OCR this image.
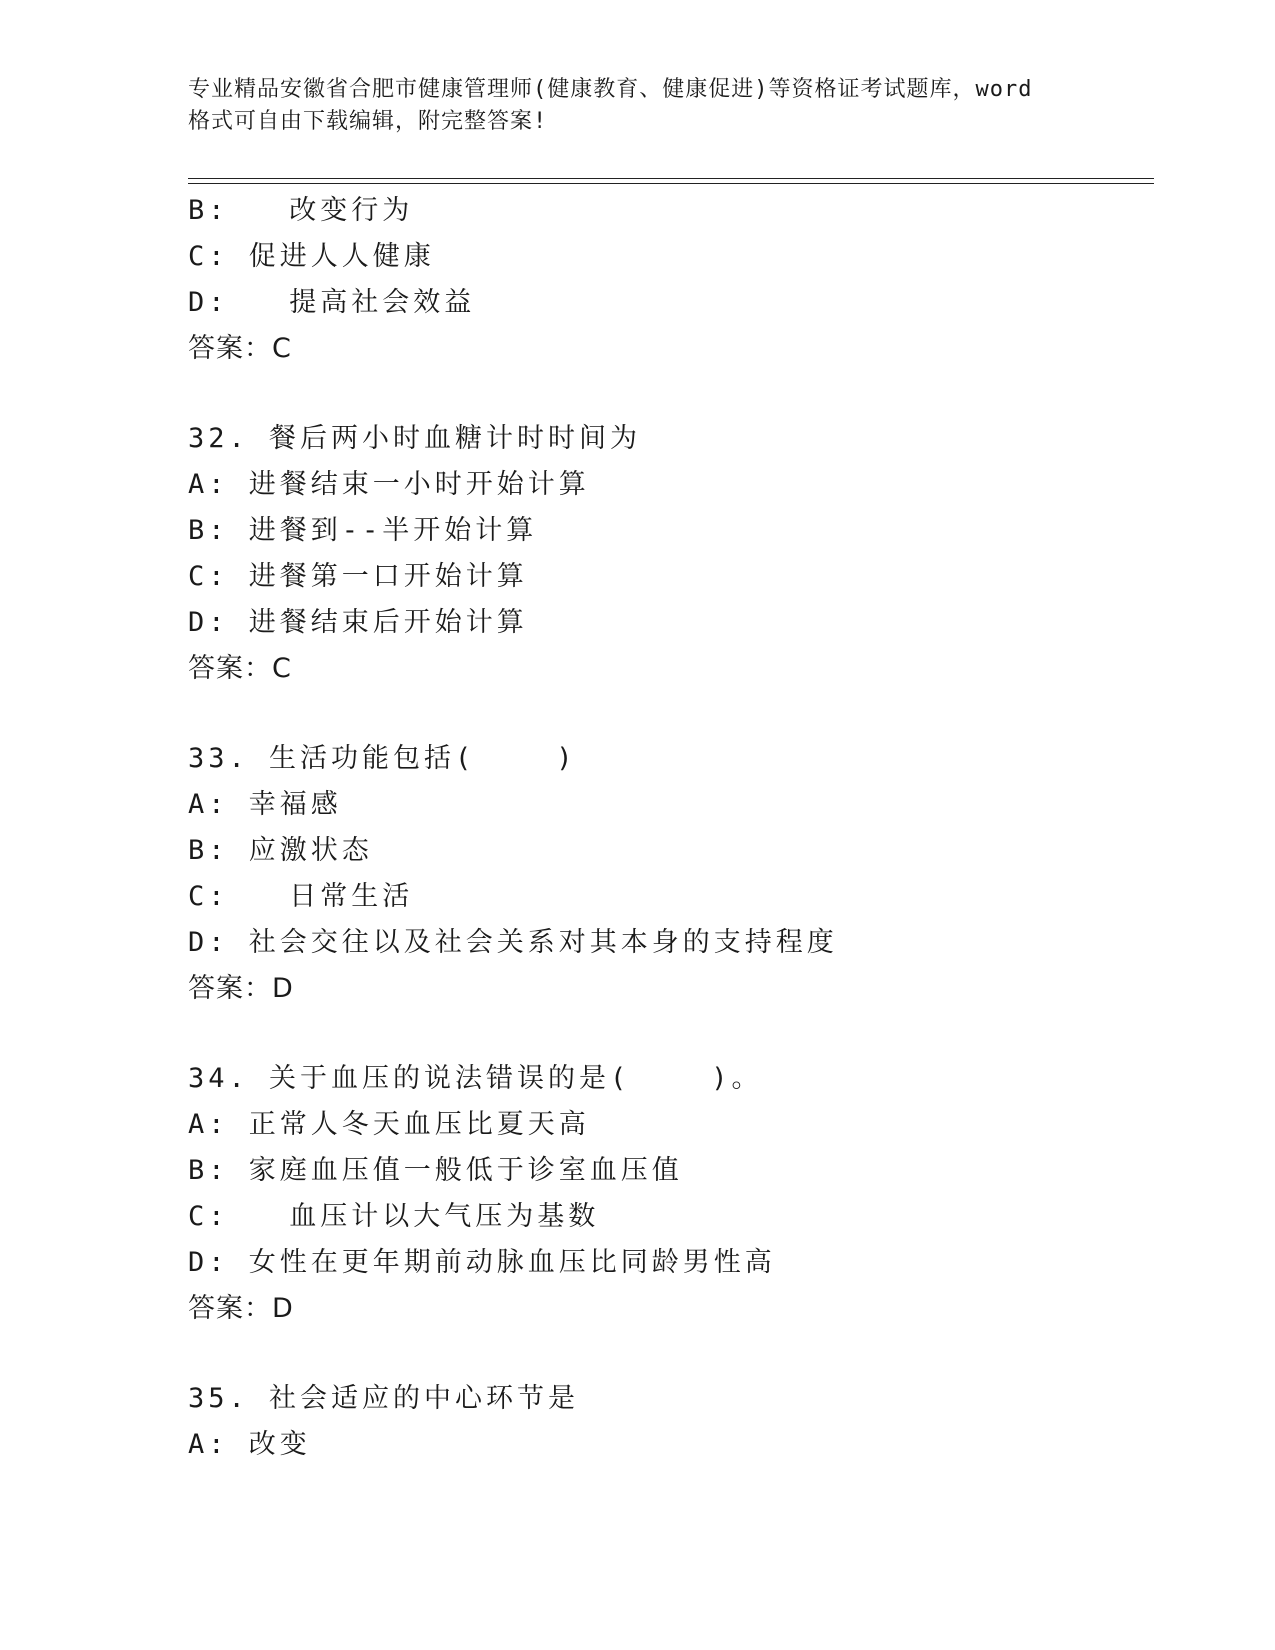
专业精品安徽省合肥市健康管理师(健康教育、健康促进)等资格证考试题库，word
格式可自由下载编辑，附完整答案!
B:   改变行为
C: 促进人人健康
D:   提高社会效益
答案：C
32. 餐后两小时血糖计时时间为
A: 进餐结束一小时开始计算
B: 进餐到--半开始计算
C: 进餐第一口开始计算
D: 进餐结束后开始计算
答案：C
33. 生活功能包括(    )
A: 幸福感
B: 应激状态
C:   日常生活
D: 社会交往以及社会关系对其本身的支持程度
答案：D
34. 关于血压的说法错误的是(    )。
A: 正常人冬天血压比夏天高
B: 家庭血压值一般低于诊室血压值
C:   血压计以大气压为基数
D: 女性在更年期前动脉血压比同龄男性高
答案：D
35. 社会适应的中心环节是
A: 改变
